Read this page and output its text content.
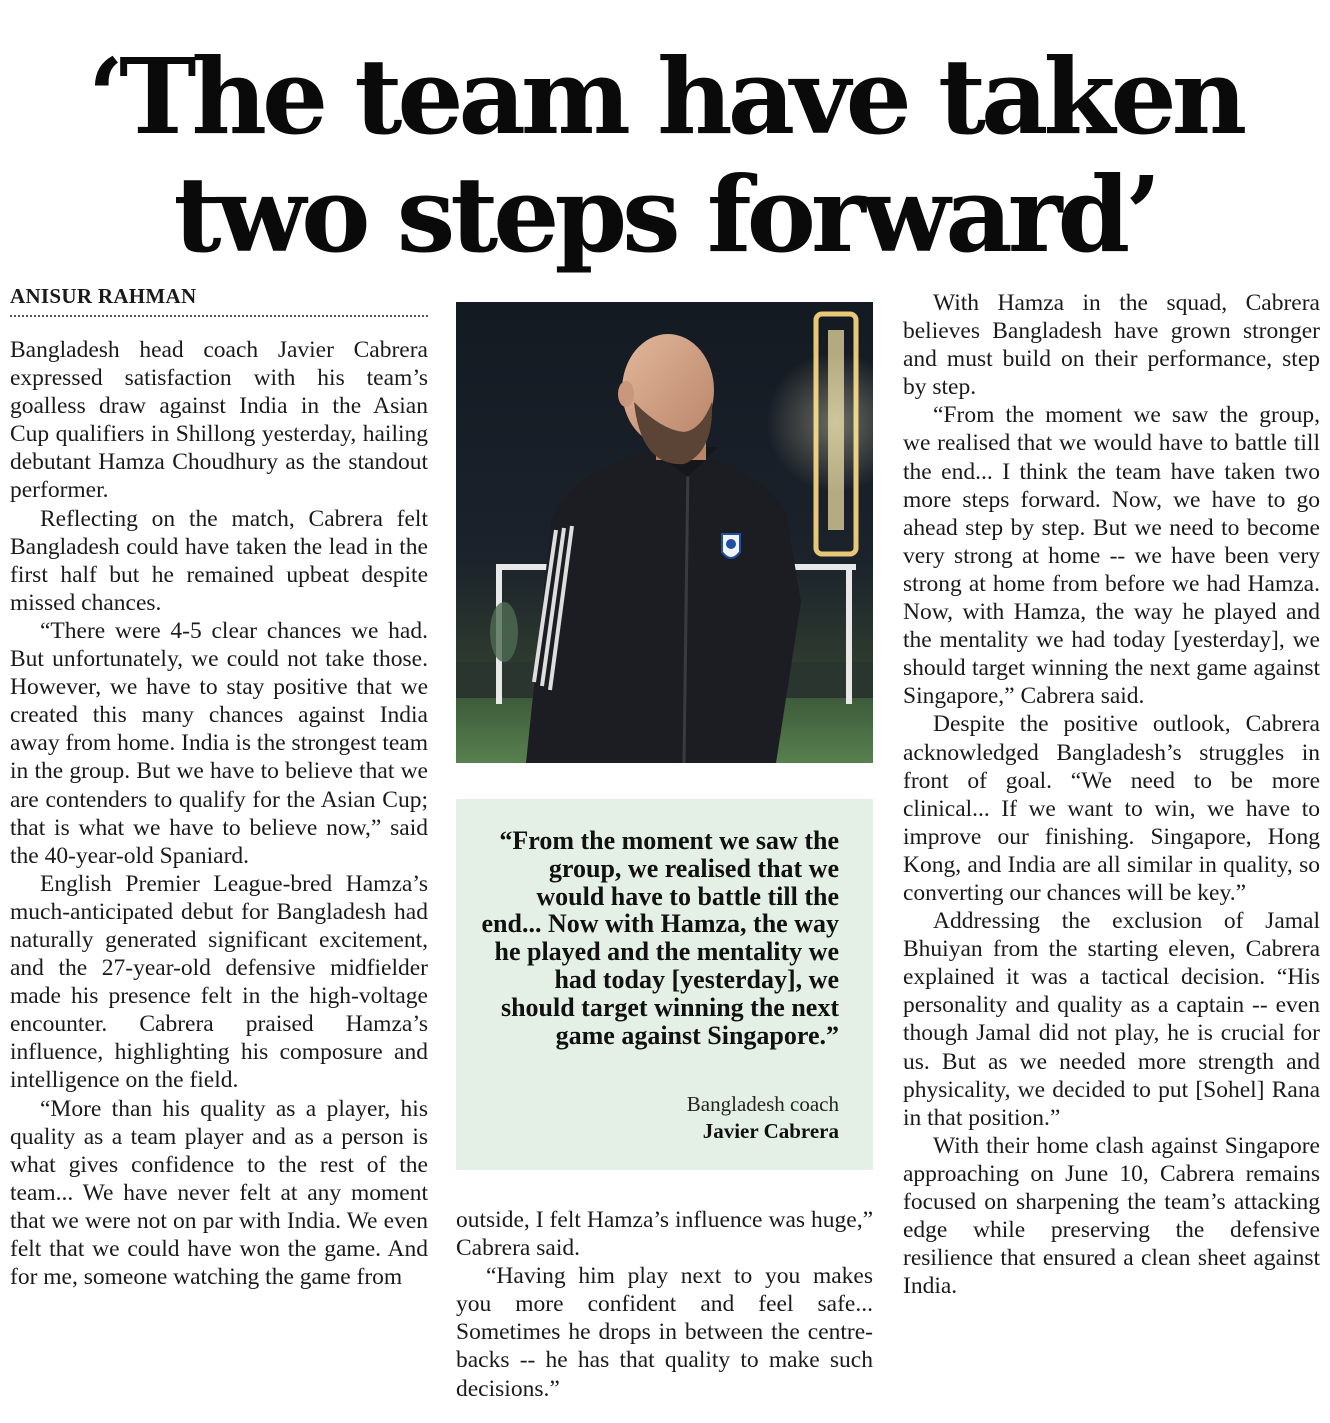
‘The team have taken
two steps forward’
ANISUR RAHMAN

Bangladesh head coach Javier Cabrera expressed satisfaction with his team’s goalless draw against India in the Asian Cup qualifiers in Shillong yesterday, hailing debutant Hamza Choudhury as the standout performer.

Reflecting on the match, Cabrera felt Bangladesh could have taken the lead in the first half but he remained upbeat despite missed chances.

“There were 4-5 clear chances we had. But unfortunately, we could not take those. However, we have to stay positive that we created this many chances against India away from home. India is the strongest team in the group. But we have to believe that we are contenders to qualify for the Asian Cup; that is what we have to believe now,” said the 40-year-old Spaniard.

English Premier League-bred Hamza’s much-anticipated debut for Bangladesh had naturally generated significant excitement, and the 27-year-old defensive midfielder made his presence felt in the high-voltage encounter. Cabrera praised Hamza’s influence, highlighting his composure and intelligence on the field.

“More than his quality as a player, his quality as a team player and as a person is what gives confidence to the rest of the team... We have never felt at any moment that we were not on par with India. We even felt that we could have won the game. And for me, someone watching the game from

outside, I felt Hamza’s influence was huge,” Cabrera said.

“Having him play next to you makes you more confident and feel safe... Sometimes he drops in between the centre-backs -- he has that quality to make such decisions.”

“From the moment we saw the group, we realised that we would have to battle till the end... Now with Hamza, the way he played and the mentality we had today [yesterday], we should target winning the next game against Singapore.”

Bangladesh coach

Javier Cabrera

With Hamza in the squad, Cabrera believes Bangladesh have grown stronger and must build on their performance, step by step.

“From the moment we saw the group, we realised that we would have to battle till the end... I think the team have taken two more steps forward. Now, we have to go ahead step by step. But we need to become very strong at home -- we have been very strong at home from before we had Hamza. Now, with Hamza, the way he played and the mentality we had today [yesterday], we should target winning the next game against Singapore,” Cabrera said.

Despite the positive outlook, Cabrera acknowledged Bangladesh’s struggles in front of goal. “We need to be more clinical... If we want to win, we have to improve our finishing. Singapore, Hong Kong, and India are all similar in quality, so converting our chances will be key.”

Addressing the exclusion of Jamal Bhuiyan from the starting eleven, Cabrera explained it was a tactical decision. “His personality and quality as a captain -- even though Jamal did not play, he is crucial for us. But as we needed more strength and physicality, we decided to put [Sohel] Rana in that position.”

With their home clash against Singapore approaching on June 10, Cabrera remains focused on sharpening the team’s attacking edge while preserving the defensive resilience that ensured a clean sheet against India.
